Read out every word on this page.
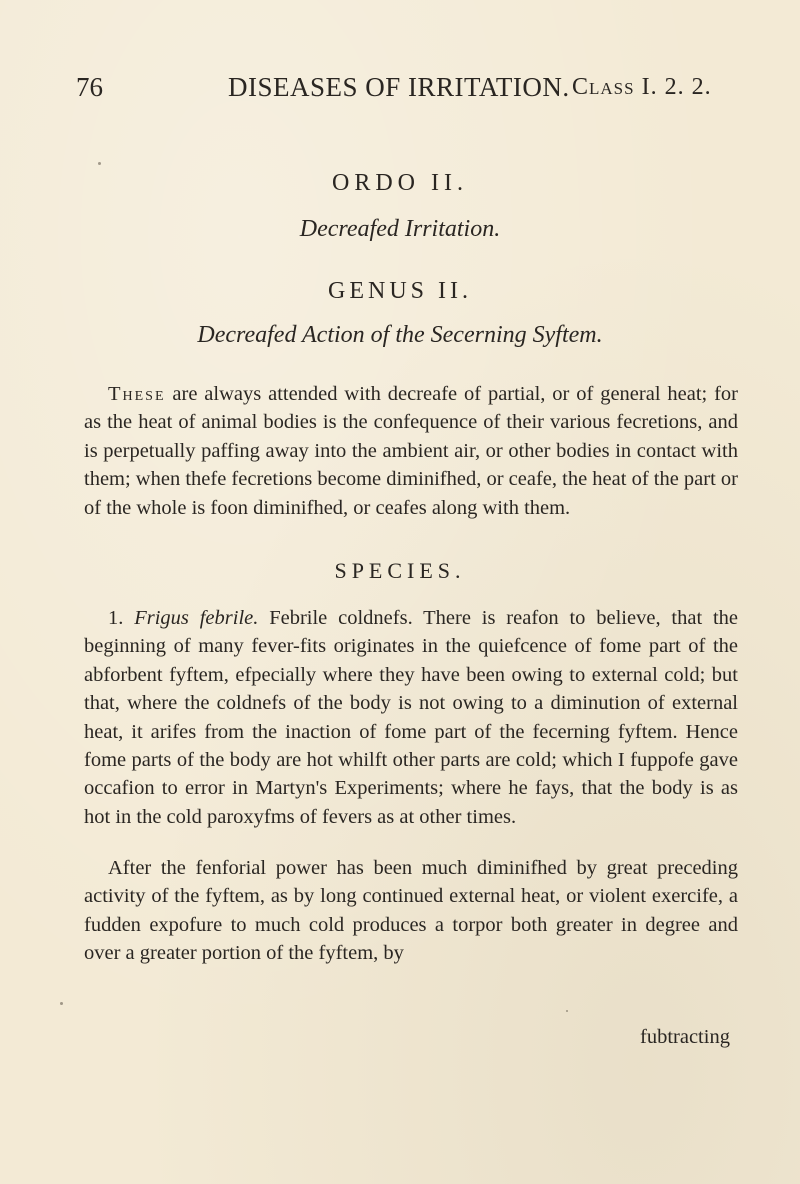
76	DISEASES OF IRRITATION. Class I. 2. 2.
ORDO II.
Decreafed Irritation.
GENUS II.
Decreafed Action of the Secerning Syftem.

These are always attended with decreafe of partial, or of general heat; for as the heat of animal bodies is the confequence of their various fecretions, and is perpetually paffing away into the ambient air, or other bodies in contact with them; when thefe fecretions become diminifhed, or ceafe, the heat of the part or of the whole is foon diminifhed, or ceafes along with them.

SPECIES.

1. Frigus febrile. Febrile coldnefs. There is reafon to believe, that the beginning of many fever-fits originates in the quiefcence of fome part of the abforbent fyftem, efpecially where they have been owing to external cold; but that, where the coldnefs of the body is not owing to a diminution of external heat, it arifes from the inaction of fome part of the fecerning fyftem. Hence fome parts of the body are hot whilft other parts are cold; which I fuppofe gave occafion to error in Martyn's Experiments; where he fays, that the body is as hot in the cold paroxyfms of fevers as at other times.

After the fenforial power has been much diminifhed by great preceding activity of the fyftem, as by long continued external heat, or violent exercife, a fudden expofure to much cold produces a torpor both greater in degree and over a greater portion of the fyftem, by

fubtracting
